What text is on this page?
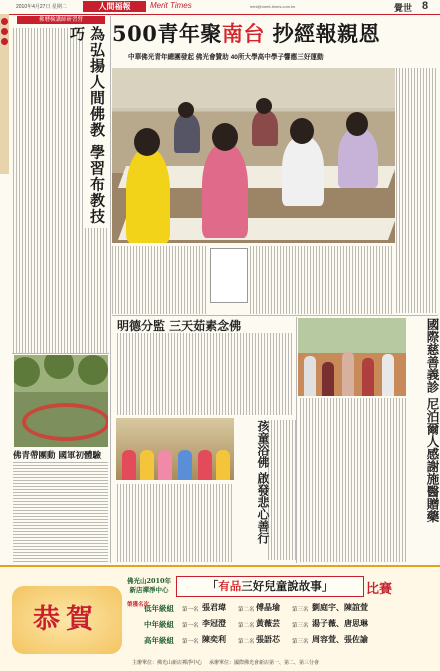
2010年4月27日 星期二	人間福報	Merit Times	mtnl@merit-times.com.tw	覺世 8
佛曆檢講師研習營
為弘揚人間佛教 學習布教技巧
佛青帶團動 國軍初體驗
500青年聚南台 抄經報親恩
中華佛光青年總團發起 佛光會贊助 40所大學高中學子響應三好運動
明德分監 三天茹素念佛
孩童浴佛 啟發悲心善行	國際慈善義診 尼泊爾人感謝施醫贈藥
恭賀
佛光山2010年 新店禪淨中心	「有品三好兒童說故事」	比賽
榮獲名次
低年級組 第一名 張君瑋 第二名 傅晶瑜 第三名 劉庭宇、陳誼萱
中年級組 第一名 李冠澄 第二名 黃薇芸 第三名 湯子薇、唐思琳
高年級組 第一名 陳奕利 第二名 張語芯 第三名 周容萱、張佐諭
主辦單位：佛光山新店禪淨中心 承辦單位：國際佛光會新店第一、第二、第三分會
